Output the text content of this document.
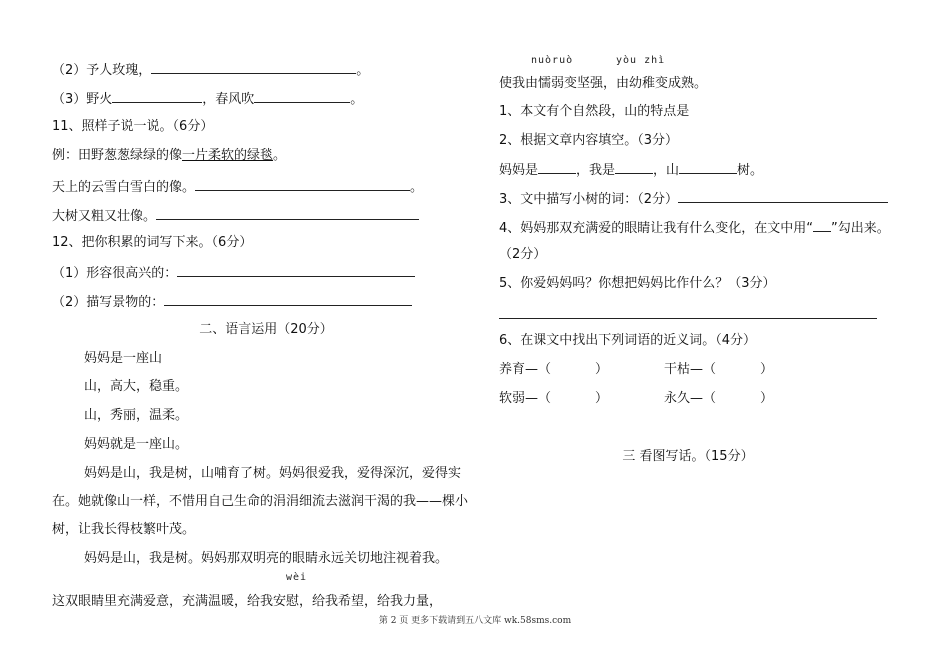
（2）予人玫瑰，	。
（3）野火	，春风吹	。
11、照样子说一说。（6分）
例：田野葱葱绿绿的像一片柔软的绿毯。
天上的云雪白雪白的像。	。
大树又粗又壮像。
12、把你积累的词写下来。（6分）
（1）形容很高兴的：
（2）描写景物的：
二、语言运用（20分）
妈妈是一座山
山，高大，稳重。
山，秀丽，温柔。
妈妈就是一座山。
妈妈是山，我是树，山哺育了树。妈妈很爱我，爱得深沉，爱得实
在。她就像山一样，不惜用自己生命的涓涓细流去滋润干渴的我——棵小
树，让我长得枝繁叶茂。
妈妈是山，我是树。妈妈那双明亮的眼睛永远关切地注视着我。
wèi
这双眼睛里充满爱意，充满温暖，给我安慰，给我希望，给我力量，
nuòruò	yòu zhì
使我由懦弱变坚强，由幼稚变成熟。
1、本文有个自然段，山的特点是
2、根据文章内容填空。（3分）
妈妈是	，我是	，山	树。
3、文中描写小树的词：（2分）
4、妈妈那双充满爱的眼睛让我有什么变化，在文中用“ ”勾出来。
（2分）
5、你爱妈妈吗？你想把妈妈比作什么？（3分）
6、在课文中找出下列词语的近义词。（4分）
养育—（	）	干枯—（	）
软弱—（	）	永久—（	）
三 看图写话。（15分）
第 2 页 更多下载请到五八文库 wk.58sms.com
